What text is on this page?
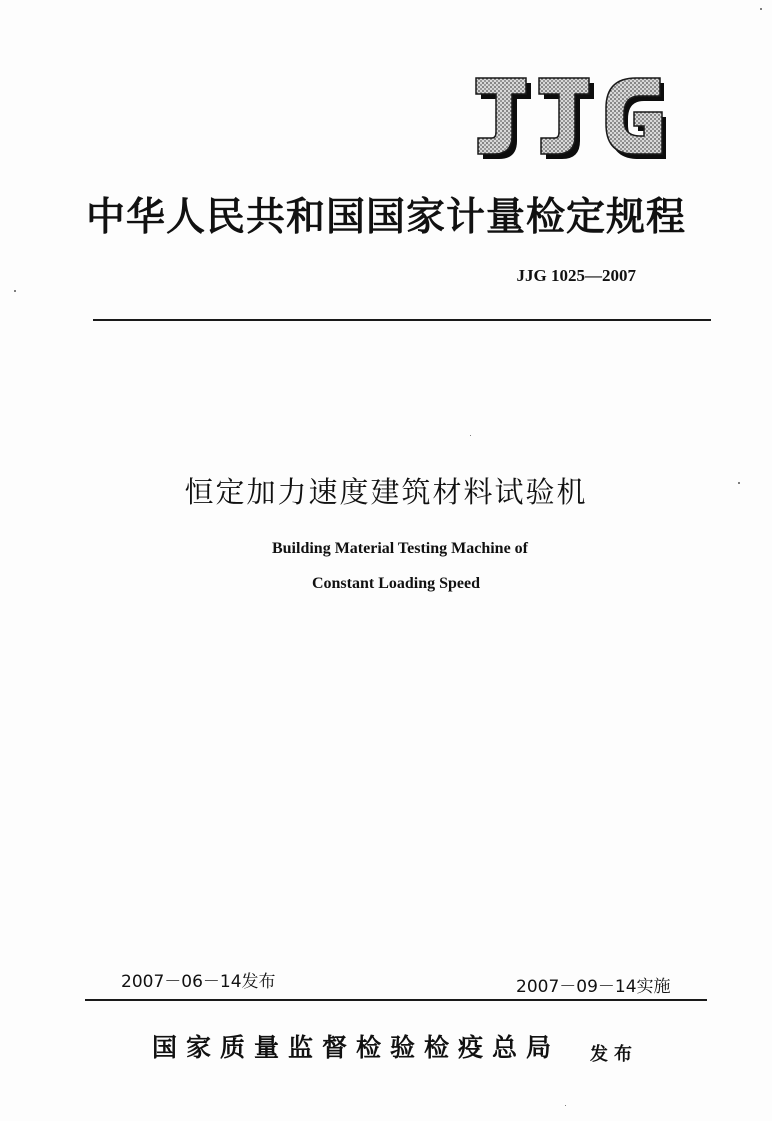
JJG
中华人民共和国国家计量检定规程
JJG 1025—2007
恒定加力速度建筑材料试验机
Building Material Testing Machine of
Constant Loading Speed
2007－06－14发布	2007－09－14实施
国家质量监督检验检疫总局 发布
